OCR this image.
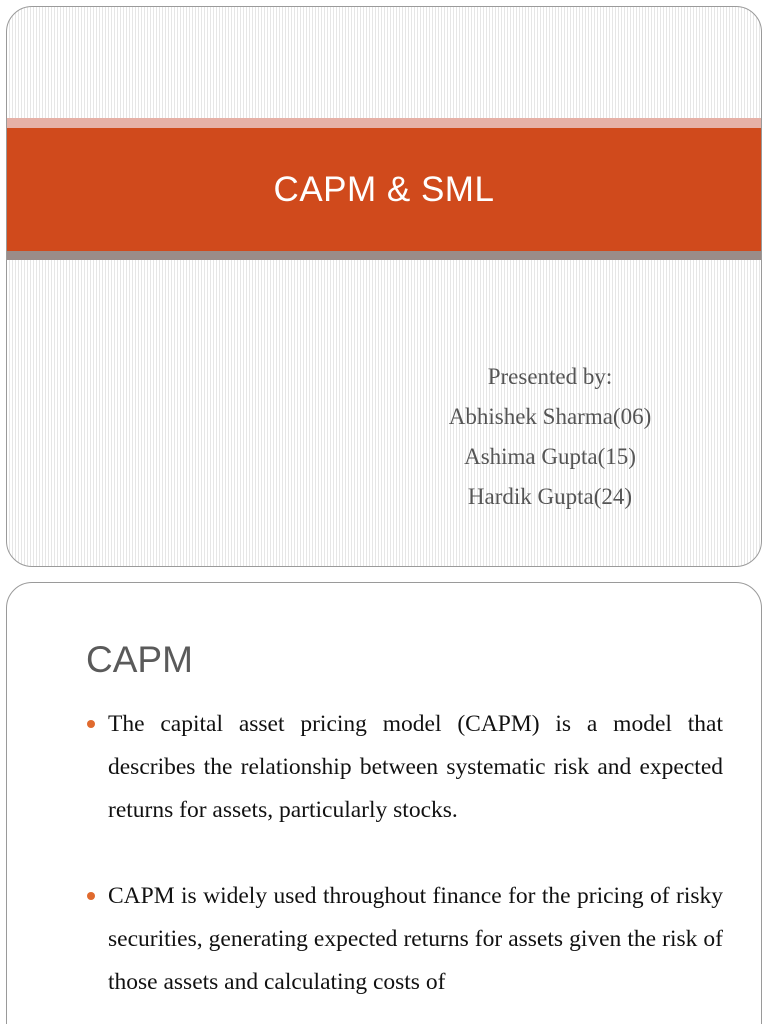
CAPM & SML
Presented by:
Abhishek Sharma(06)
Ashima Gupta(15)
Hardik Gupta(24)
CAPM
The capital asset pricing model (CAPM) is a model that describes the relationship between systematic risk and expected returns for assets, particularly stocks.
CAPM is widely used throughout finance for the pricing of risky securities, generating expected returns for assets given the risk of those assets and calculating costs of
